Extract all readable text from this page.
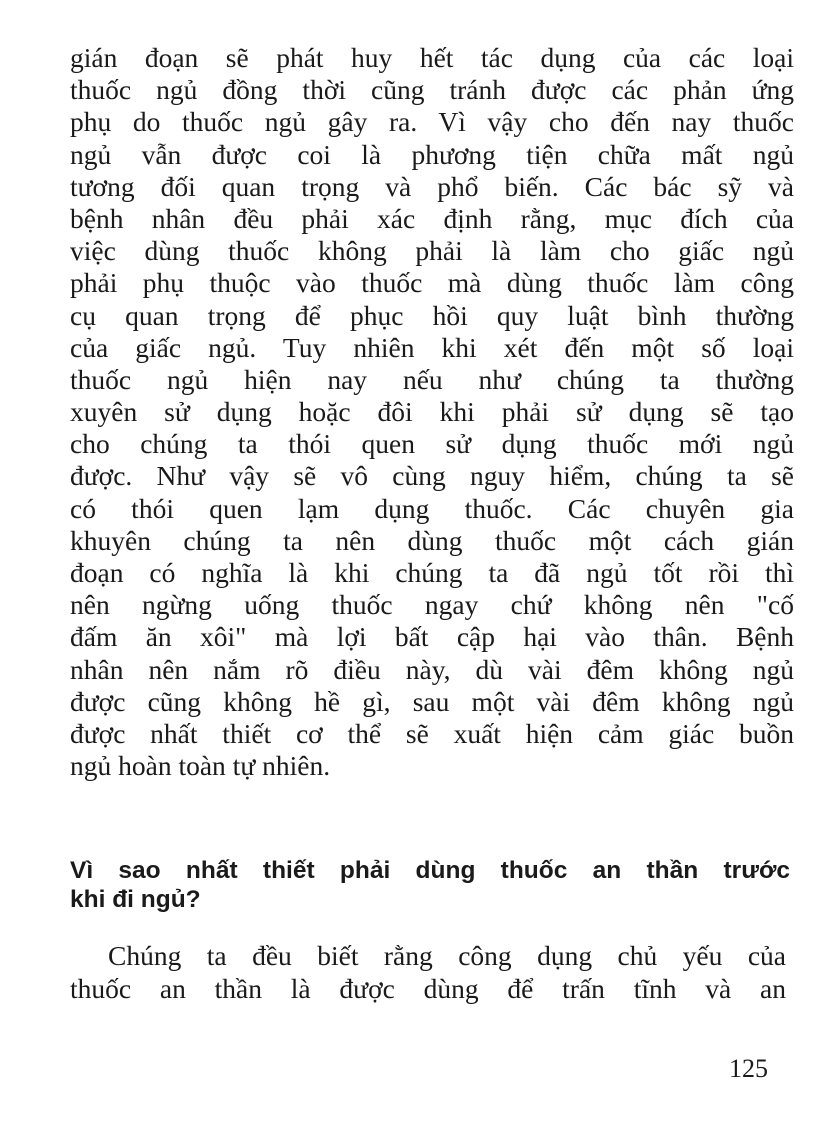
gián đoạn sẽ phát huy hết tác dụng của các loại
thuốc ngủ đồng thời cũng tránh được các phản ứng
phụ do thuốc ngủ gây ra. Vì vậy cho đến nay thuốc
ngủ vẫn được coi là phương tiện chữa mất ngủ
tương đối quan trọng và phổ biến. Các bác sỹ và
bệnh nhân đều phải xác định rằng, mục đích của
việc dùng thuốc không phải là làm cho giấc ngủ
phải phụ thuộc vào thuốc mà dùng thuốc làm công
cụ quan trọng để phục hồi quy luật bình thường
của giấc ngủ. Tuy nhiên khi xét đến một số loại
thuốc ngủ hiện nay nếu như chúng ta thường
xuyên sử dụng hoặc đôi khi phải sử dụng sẽ tạo
cho chúng ta thói quen sử dụng thuốc mới ngủ
được. Như vậy sẽ vô cùng nguy hiểm, chúng ta sẽ
có thói quen lạm dụng thuốc. Các chuyên gia
khuyên chúng ta nên dùng thuốc một cách gián
đoạn có nghĩa là khi chúng ta đã ngủ tốt rồi thì
nên ngừng uống thuốc ngay chứ không nên "cố
đấm ăn xôi" mà lợi bất cập hại vào thân. Bệnh
nhân nên nắm rõ điều này, dù vài đêm không ngủ
được cũng không hề gì, sau một vài đêm không ngủ
được nhất thiết cơ thể sẽ xuất hiện cảm giác buồn
ngủ hoàn toàn tự nhiên.
Vì sao nhất thiết phải dùng thuốc an thần trước
khi đi ngủ?
Chúng ta đều biết rằng công dụng chủ yếu của
thuốc an thần là được dùng để trấn tĩnh và an
125
